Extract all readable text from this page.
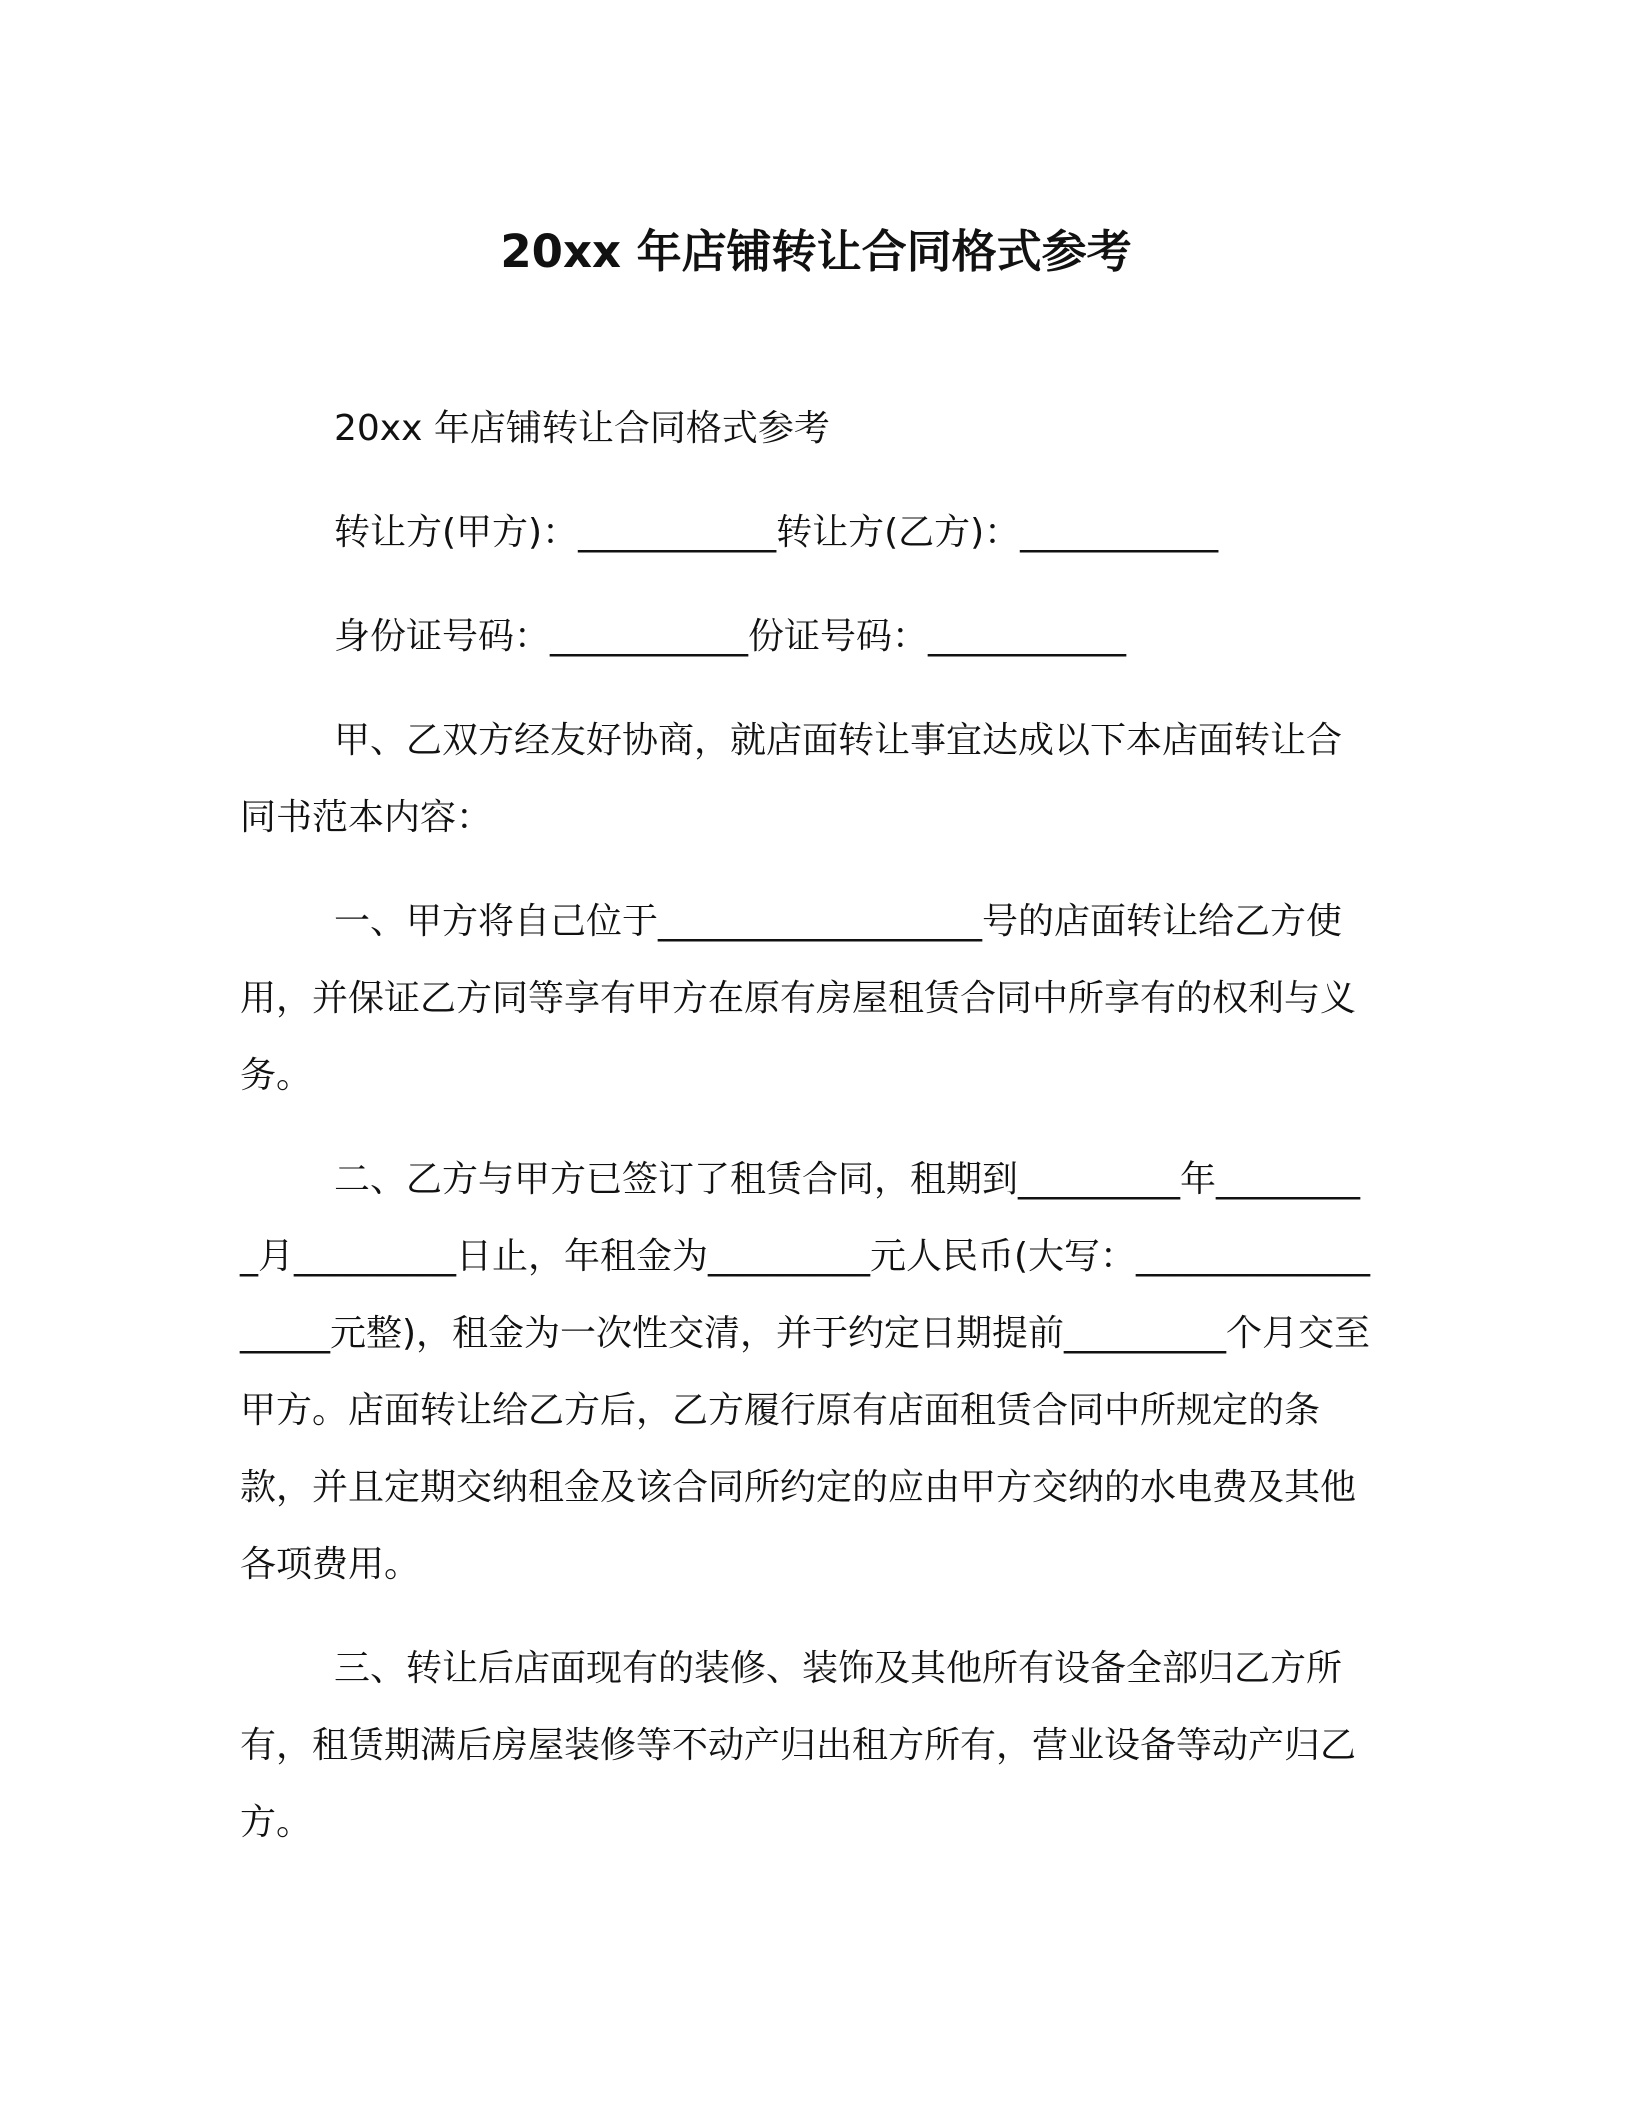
20xx 年店铺转让合同格式参考

20xx 年店铺转让合同格式参考

转让方(甲方)：___________转让方(乙方)：___________

身份证号码：___________份证号码：___________

甲、乙双方经友好协商，就店面转让事宜达成以下本店面转让合同书范本内容：

一、甲方将自己位于__________________号的店面转让给乙方使用，并保证乙方同等享有甲方在原有房屋租赁合同中所享有的权利与义务。

二、乙方与甲方已签订了租赁合同，租期到_________年_________月_________日止，年租金为_________元人民币(大写：__________________元整)，租金为一次性交清，并于约定日期提前_________个月交至甲方。店面转让给乙方后，乙方履行原有店面租赁合同中所规定的条款，并且定期交纳租金及该合同所约定的应由甲方交纳的水电费及其他各项费用。

三、转让后店面现有的装修、装饰及其他所有设备全部归乙方所有，租赁期满后房屋装修等不动产归出租方所有，营业设备等动产归乙方。
